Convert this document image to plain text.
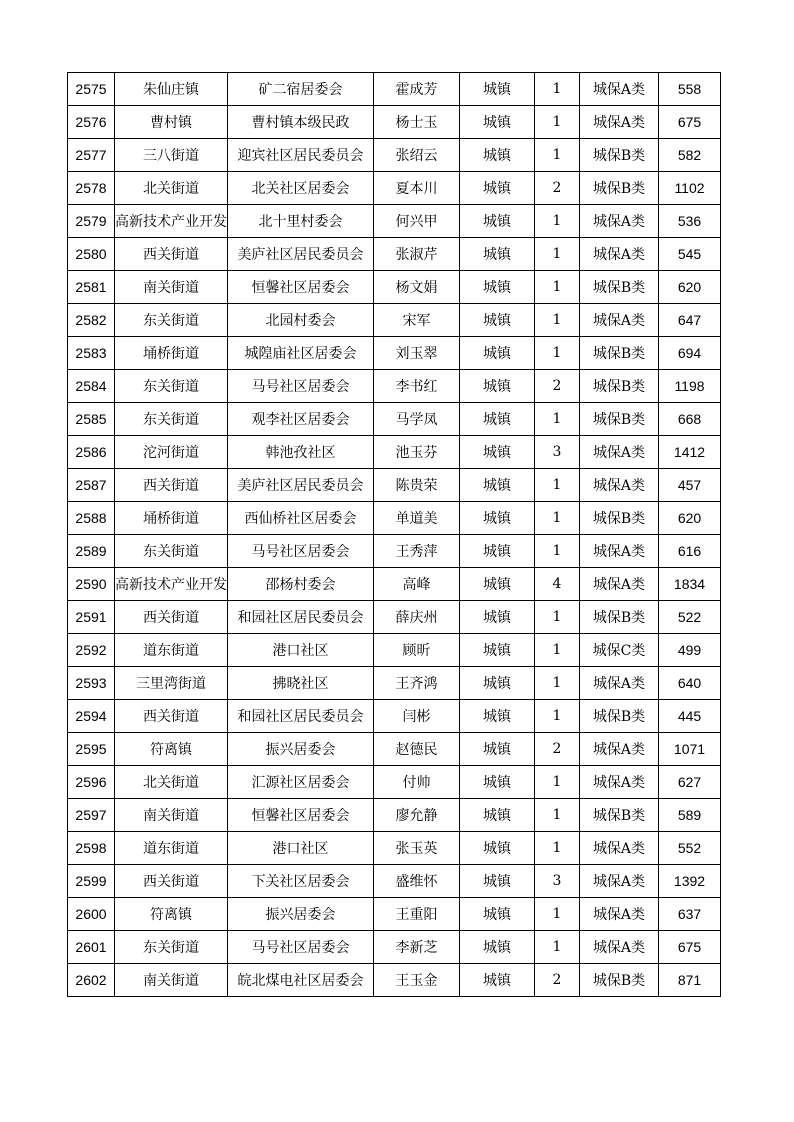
2575	朱仙庄镇	矿二宿居委会	霍成芳	城镇	1	城保A类	558
2576	曹村镇	曹村镇本级民政	杨士玉	城镇	1	城保A类	675
2577	三八街道	迎宾社区居民委员会	张绍云	城镇	1	城保B类	582
2578	北关街道	北关社区居委会	夏本川	城镇	2	城保B类	1102
2579	高新技术产业开发	北十里村委会	何兴甲	城镇	1	城保A类	536
2580	西关街道	美庐社区居民委员会	张淑芹	城镇	1	城保A类	545
2581	南关街道	恒馨社区居委会	杨文娟	城镇	1	城保B类	620
2582	东关街道	北园村委会	宋军	城镇	1	城保A类	647
2583	埇桥街道	城隍庙社区居委会	刘玉翠	城镇	1	城保B类	694
2584	东关街道	马号社区居委会	李书红	城镇	2	城保B类	1198
2585	东关街道	观李社区居委会	马学凤	城镇	1	城保B类	668
2586	沱河街道	韩池孜社区	池玉芬	城镇	3	城保A类	1412
2587	西关街道	美庐社区居民委员会	陈贵荣	城镇	1	城保A类	457
2588	埇桥街道	西仙桥社区居委会	单道美	城镇	1	城保B类	620
2589	东关街道	马号社区居委会	王秀萍	城镇	1	城保A类	616
2590	高新技术产业开发	邵杨村委会	高峰	城镇	4	城保A类	1834
2591	西关街道	和园社区居民委员会	薛庆州	城镇	1	城保B类	522
2592	道东街道	港口社区	顾昕	城镇	1	城保C类	499
2593	三里湾街道	拂晓社区	王齐鸿	城镇	1	城保A类	640
2594	西关街道	和园社区居民委员会	闫彬	城镇	1	城保B类	445
2595	符离镇	振兴居委会	赵德民	城镇	2	城保A类	1071
2596	北关街道	汇源社区居委会	付帅	城镇	1	城保A类	627
2597	南关街道	恒馨社区居委会	廖允静	城镇	1	城保B类	589
2598	道东街道	港口社区	张玉英	城镇	1	城保A类	552
2599	西关街道	下关社区居委会	盛维怀	城镇	3	城保A类	1392
2600	符离镇	振兴居委会	王重阳	城镇	1	城保A类	637
2601	东关街道	马号社区居委会	李新芝	城镇	1	城保A类	675
2602	南关街道	皖北煤电社区居委会	王玉金	城镇	2	城保B类	871
